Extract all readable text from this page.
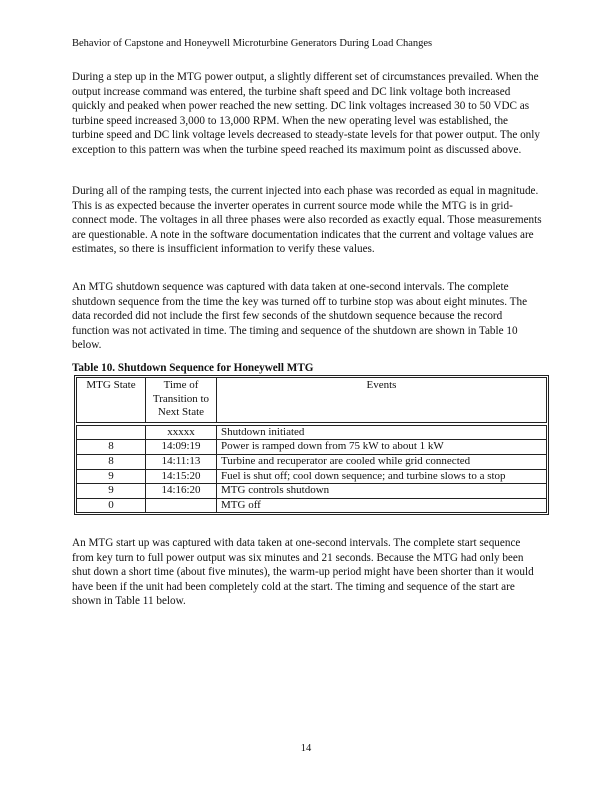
Behavior of Capstone and Honeywell Microturbine Generators During Load Changes

During a step up in the MTG power output, a slightly different set of circumstances prevailed. When the output increase command was entered, the turbine shaft speed and DC link voltage both increased quickly and peaked when power reached the new setting. DC link voltages increased 30 to 50 VDC as turbine speed increased 3,000 to 13,000 RPM. When the new operating level was established, the turbine speed and DC link voltage levels decreased to steady-state levels for that power output. The only exception to this pattern was when the turbine speed reached its maximum point as discussed above.

During all of the ramping tests, the current injected into each phase was recorded as equal in magnitude. This is as expected because the inverter operates in current source mode while the MTG is in grid-connect mode. The voltages in all three phases were also recorded as exactly equal. Those measurements are questionable. A note in the software documentation indicates that the current and voltage values are estimates, so there is insufficient information to verify these values.

An MTG shutdown sequence was captured with data taken at one-second intervals. The complete shutdown sequence from the time the key was turned off to turbine stop was about eight minutes. The data recorded did not include the first few seconds of the shutdown sequence because the record function was not activated in time. The timing and sequence of the shutdown are shown in Table 10 below.

Table 10. Shutdown Sequence for Honeywell MTG
MTG State	Time of Transition to Next State	Events

	xxxxx	Shutdown initiated
8	14:09:19	Power is ramped down from 75 kW to about 1 kW
8	14:11:13	Turbine and recuperator are cooled while grid connected
9	14:15:20	Fuel is shut off; cool down sequence; and turbine slows to a stop
9	14:16:20	MTG controls shutdown
0		MTG off

An MTG start up was captured with data taken at one-second intervals. The complete start sequence from key turn to full power output was six minutes and 21 seconds. Because the MTG had only been shut down a short time (about five minutes), the warm-up period might have been shorter than it would have been if the unit had been completely cold at the start. The timing and sequence of the start are shown in Table 11 below.

14
